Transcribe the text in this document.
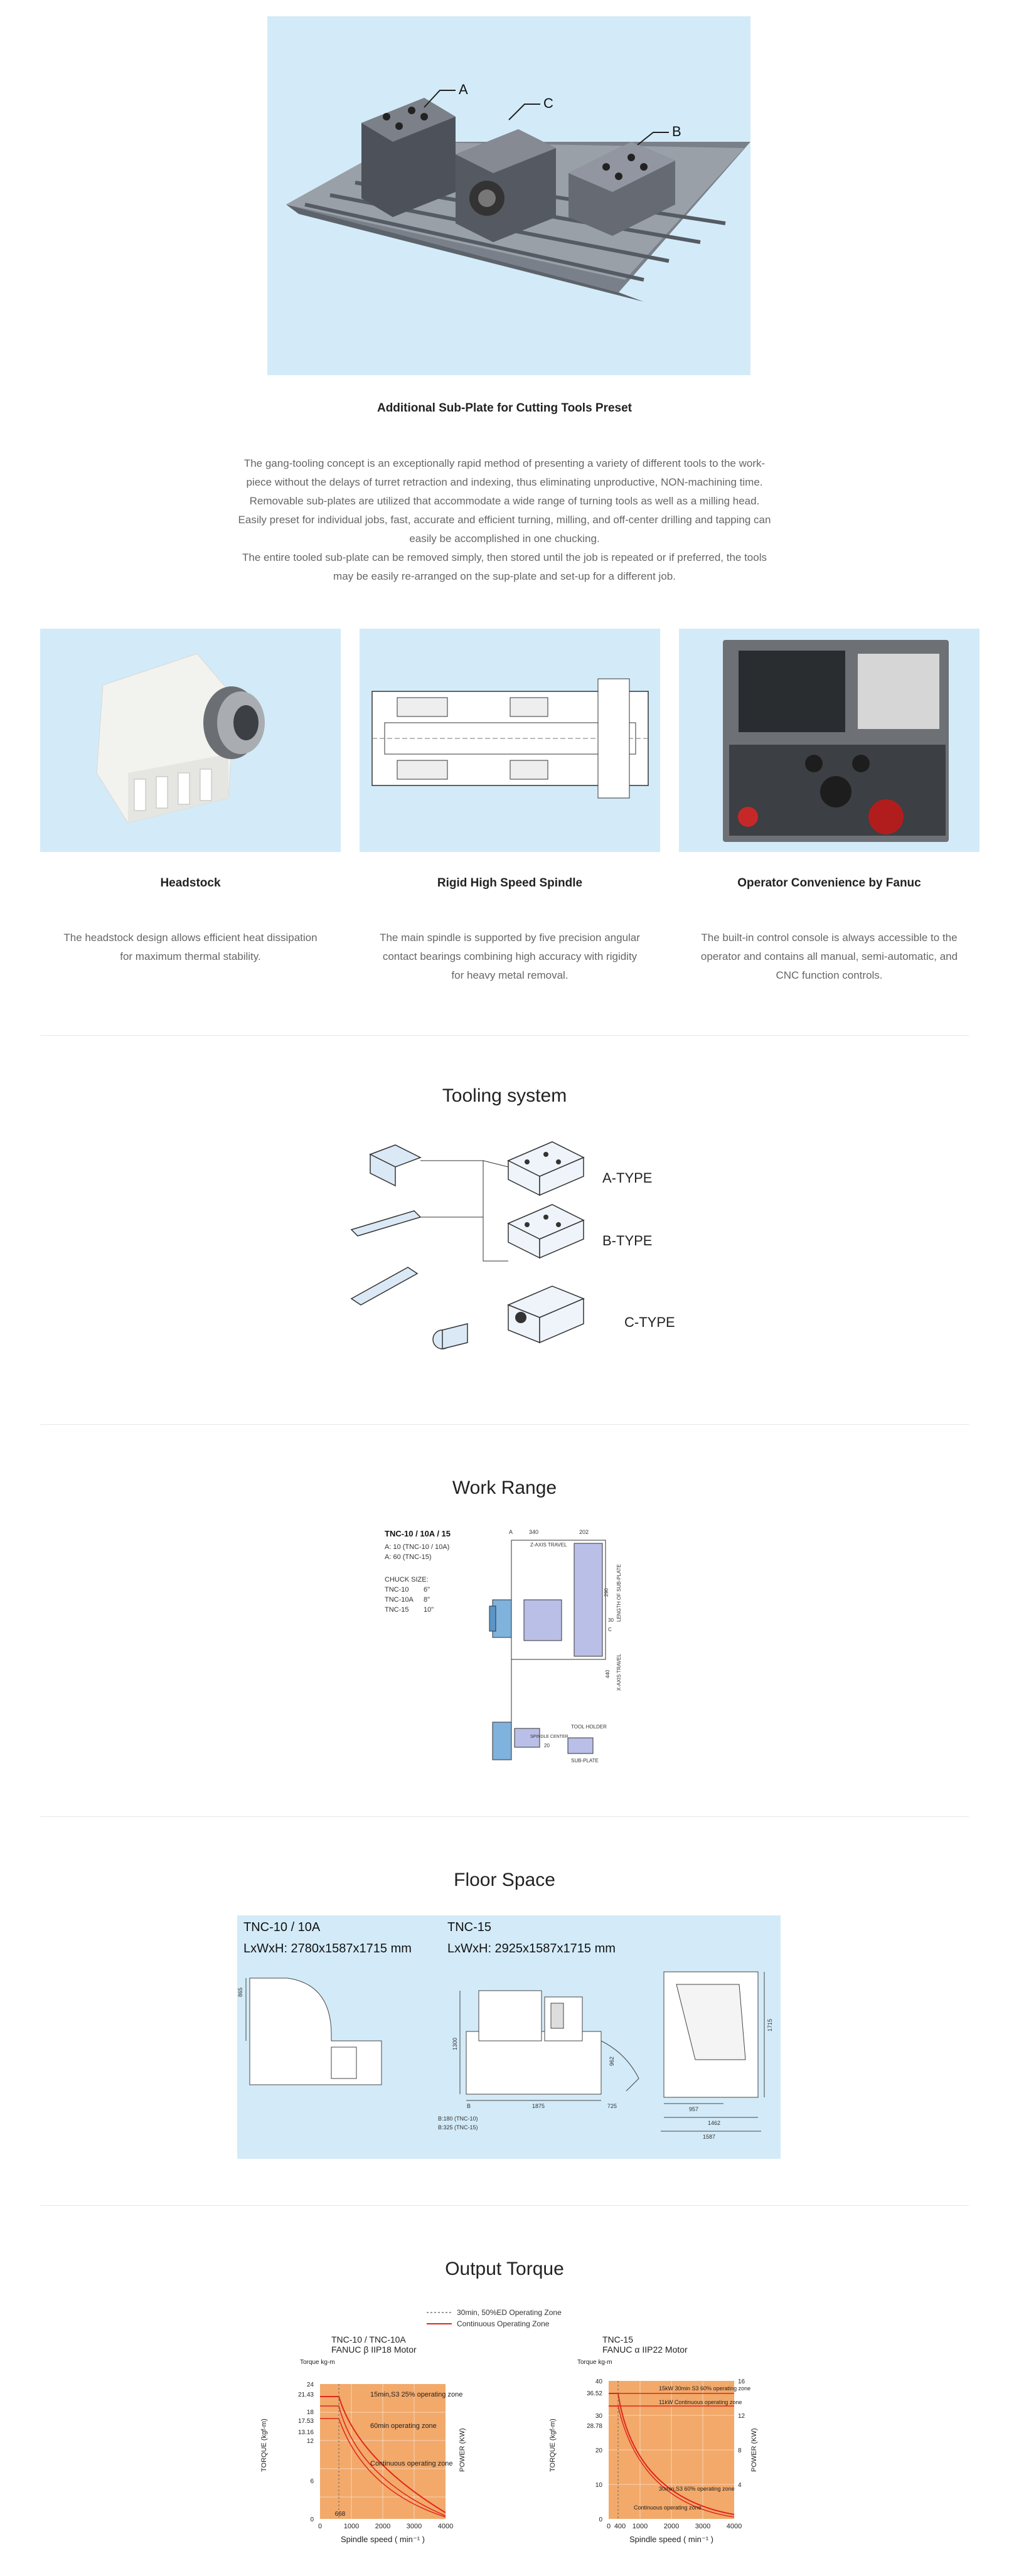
A
C
B
Additional Sub-Plate for Cutting Tools Preset
The gang-tooling concept is an exceptionally rapid method of presenting a variety of different tools to the work-
piece without the delays of turret retraction and indexing, thus eliminating unproductive, NON-machining time.
Removable sub-plates are utilized that accommodate a wide range of turning tools as well as a milling head.
Easily preset for individual jobs, fast, accurate and efficient turning, milling, and off-center drilling and tapping can
easily be accomplished in one chucking.
The entire tooled sub-plate can be removed simply, then stored until the job is repeated or if preferred, the tools
may be easily re-arranged on the sup-plate and set-up for a different job.
Headstock	Rigid High Speed Spindle	Operator Convenience by Fanuc
The headstock design allows efficient heat dissipation
for maximum thermal stability.
The main spindle is supported by five precision angular
contact bearings combining high accuracy with rigidity
for heavy metal removal.
The built-in control console is always accessible to the
operator and contains all manual, semi-automatic, and
CNC function controls.
Tooling system
A-TYPE
B-TYPE
C-TYPE
Work Range
TNC-10 / 10A / 15
A: 10 (TNC-10 / 10A)
A: 60 (TNC-15)
CHUCK SIZE:
TNC-10 6"
TNC-10A 8"
TNC-15 10"
A	340	202
Z-AXIS TRAVEL
LENGTH OF SUB-PLATE
290
X-AXIS TRAVEL
440
30
C
TOOL HOLDER
SPINDLE CENTER
20
SUB-PLATE
Floor Space
TNC-10 / 10A
LxWxH: 2780x1587x1715 mm
TNC-15
LxWxH: 2925x1587x1715 mm
865
1300
1875	725
962
B
B:180 (TNC-10)
B:325 (TNC-15)
1715
957
1462
1587
Output Torque
30min, 50%ED Operating Zone
Continuous Operating Zone
TNC-10 / TNC-10A
FANUC β IIP18 Motor
Torque kg-m
24
21.43
18
17.53
13.16
12
6
0
0	1000 2000 3000 4000
668
Spindle speed ( min⁻¹ )
TORQUE (kgf-m)	POWER (KW)
15min,S3 25% operating zone
60min operating zone
Continuous operating zone
TNC-15
FANUC α IIP22 Motor
Torque kg-m
40
36.52
30
28.78
20
10
0
16
12
8
4
0 400 1000 2000 3000 4000
Spindle speed ( min⁻¹ )
TORQUE (kgf-m)	POWER (KW)
15kW 30min S3 60% operating zone
11kW Continuous operating zone
30min,S3 60% operating zone
Continuous operating zone
